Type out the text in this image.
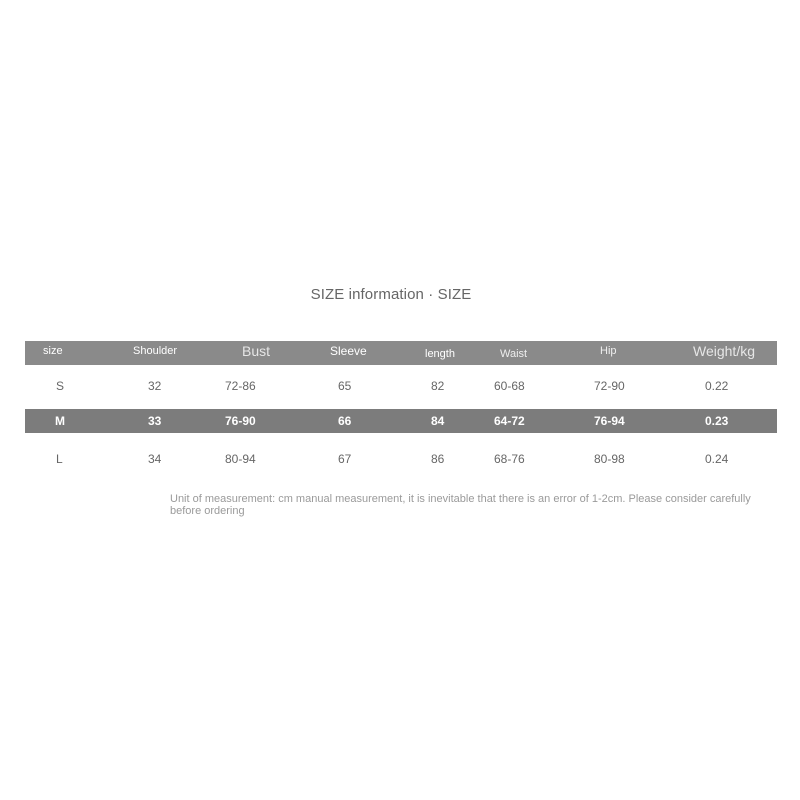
SIZE information · SIZE
size	Shoulder	Bust	Sleeve	length	Waist	Hip	Weight/kg
S	32	72-86	65	82	60-68	72-90	0.22
M	33	76-90	66	84	64-72	76-94	0.23
L	34	80-94	67	86	68-76	80-98	0.24
Unit of measurement: cm manual measurement, it is inevitable that there is an error of 1-2cm. Please consider carefully before ordering
